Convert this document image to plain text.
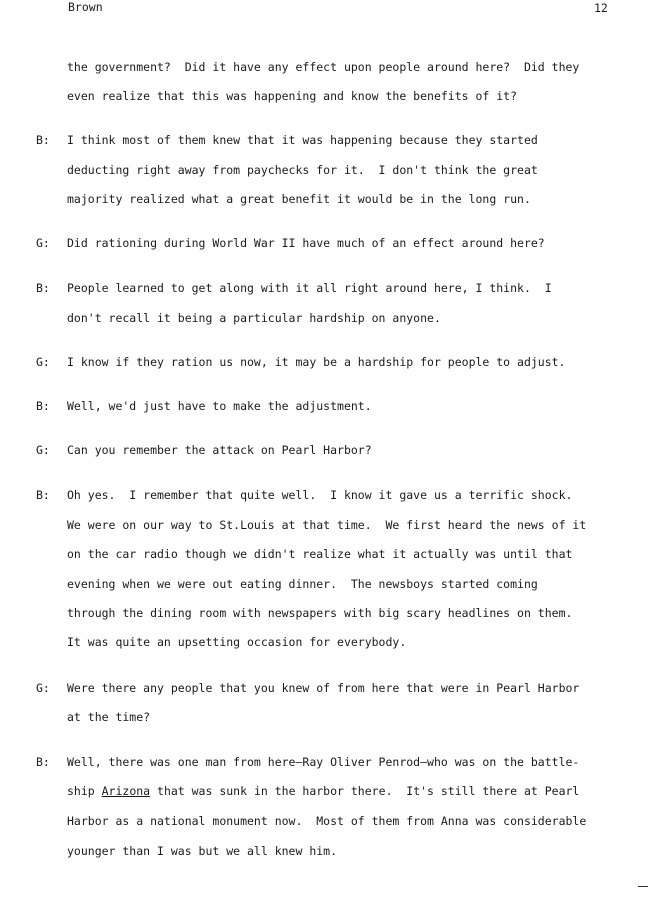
Brown	12
the government?  Did it have any effect upon people around here?  Did they
even realize that this was happening and know the benefits of it?
B: I think most of them knew that it was happening because they started
deducting right away from paychecks for it.  I don't think the great
majority realized what a great benefit it would be in the long run.
G: Did rationing during World War II have much of an effect around here?
B: People learned to get along with it all right around here, I think.  I
don't recall it being a particular hardship on anyone.
G: I know if they ration us now, it may be a hardship for people to adjust.
B: Well, we'd just have to make the adjustment.
G: Can you remember the attack on Pearl Harbor?
B: Oh yes.  I remember that quite well.  I know it gave us a terrific shock.
We were on our way to St.Louis at that time.  We first heard the news of it
on the car radio though we didn't realize what it actually was until that
evening when we were out eating dinner.  The newsboys started coming
through the dining room with newspapers with big scary headlines on them.
It was quite an upsetting occasion for everybody.
G: Were there any people that you knew of from here that were in Pearl Harbor
at the time?
B: Well, there was one man from here—Ray Oliver Penrod—who was on the battle-
ship Arizona that was sunk in the harbor there.  It's still there at Pearl
Harbor as a national monument now.  Most of them from Anna was considerable
younger than I was but we all knew him.
